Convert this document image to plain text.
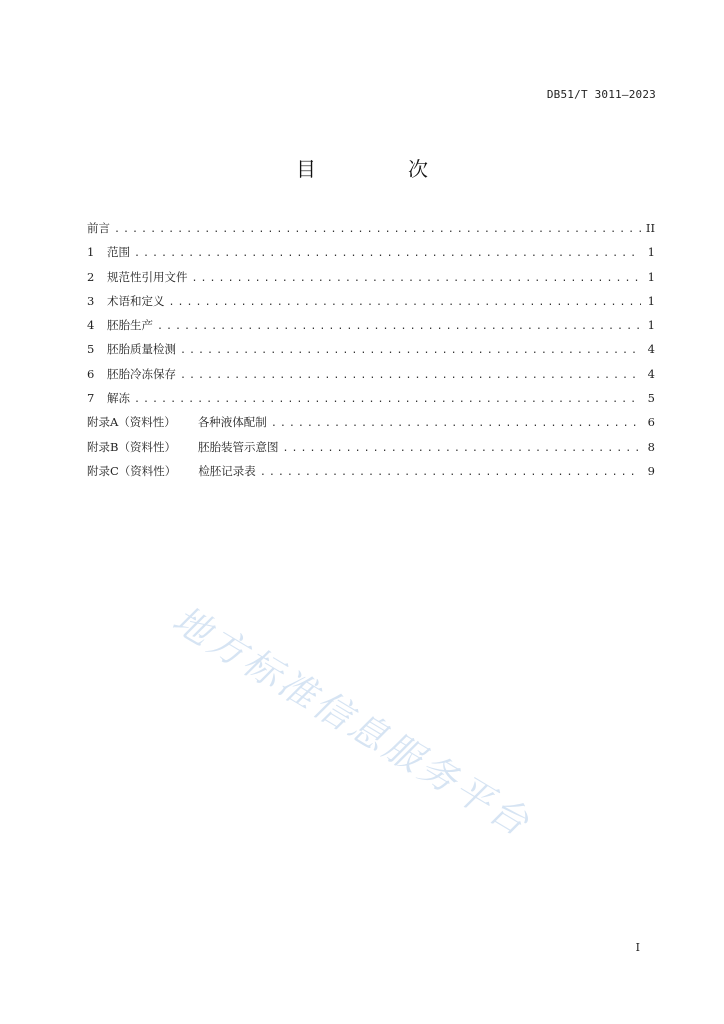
DB51/T 3011—2023
目　次
前言 .....	II
1	范围 .....	1
2	规范性引用文件 .....	1
3	术语和定义 .....	1
4	胚胎生产 .....	1
5	胚胎质量检测 .....	4
6	胚胎冷冻保存 .....	4
7	解冻 .....	5
附录A（资料性） 各种液体配制 .....	6
附录B（资料性） 胚胎装管示意图 .....	8
附录C（资料性） 检胚记录表 .....	9
地方标准信息服务平台
I
